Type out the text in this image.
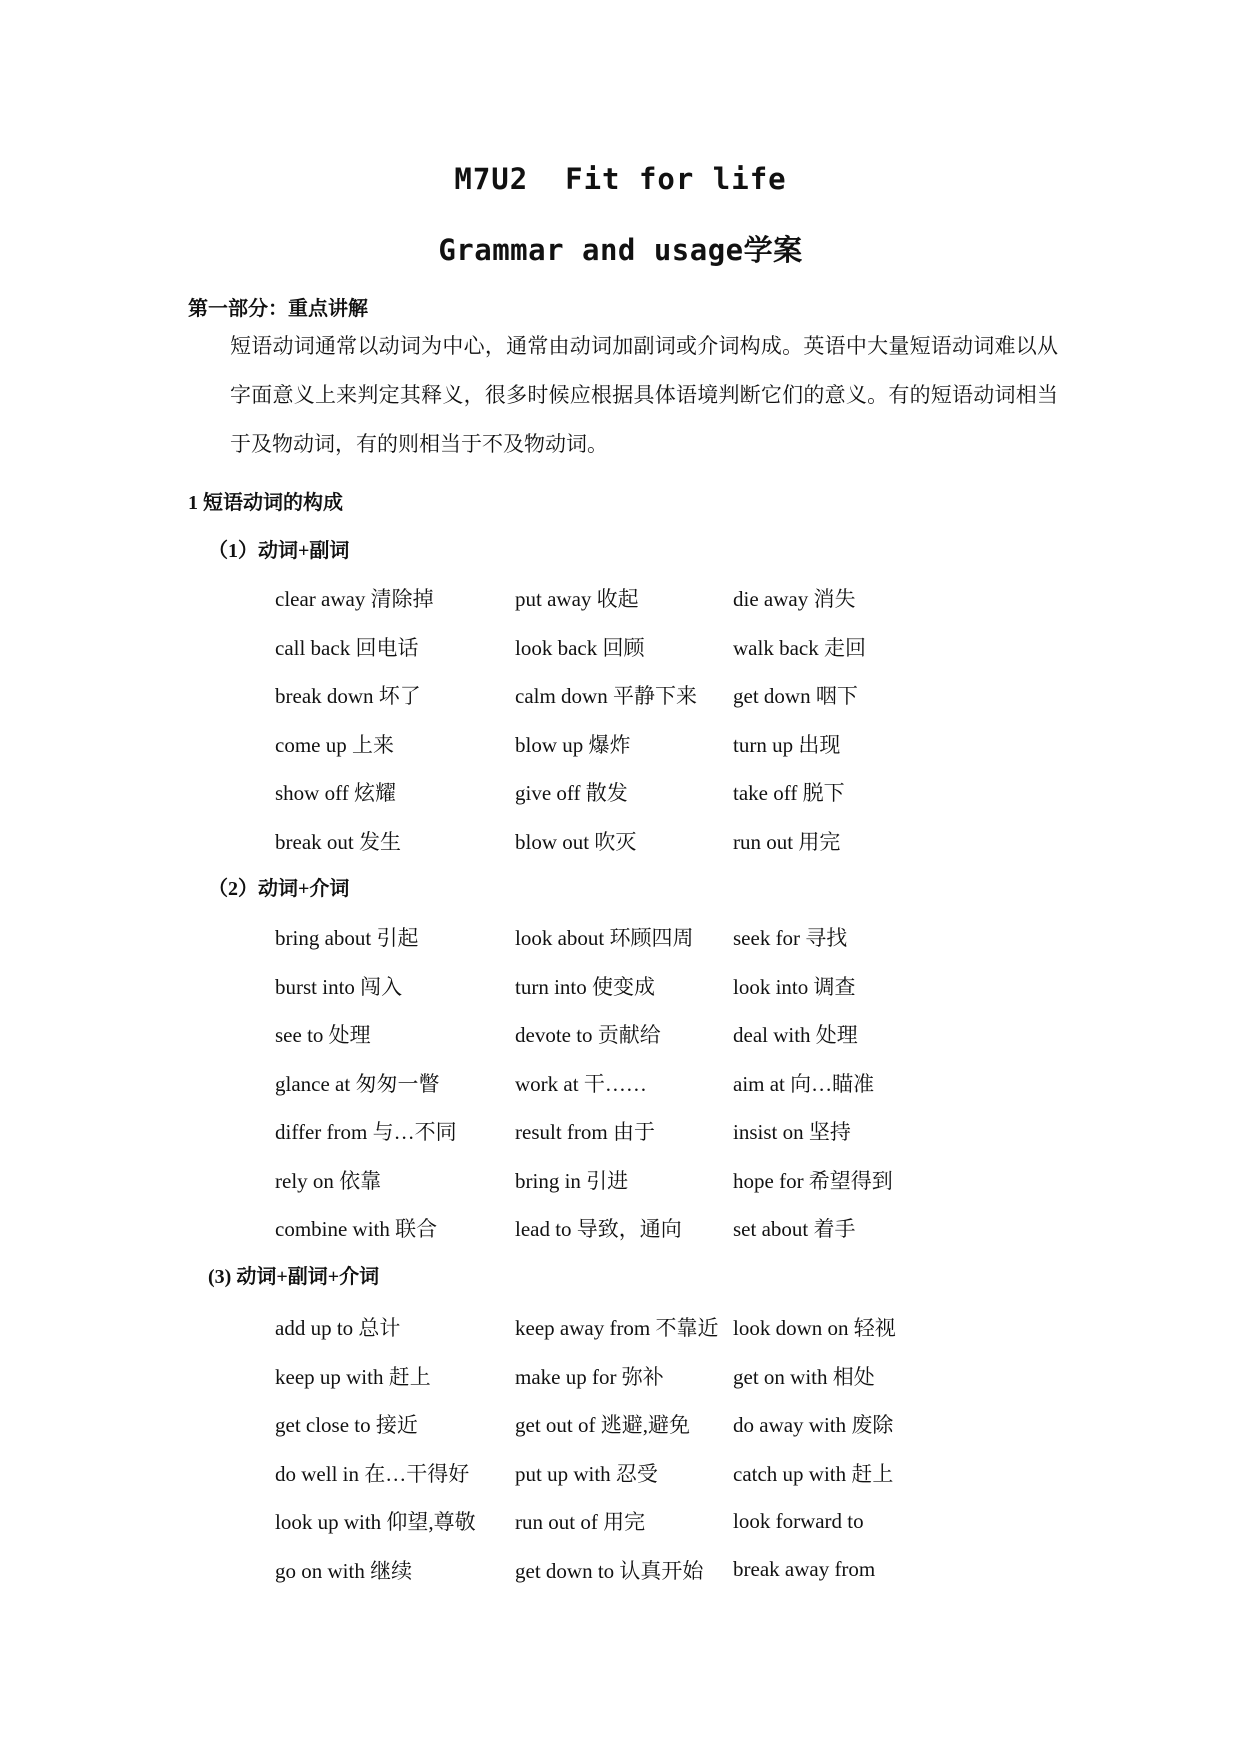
M7U2  Fit for life
Grammar and usage学案
第一部分：重点讲解
短语动词通常以动词为中心，通常由动词加副词或介词构成。英语中大量短语动词难以从字面意义上来判定其释义，很多时候应根据具体语境判断它们的意义。有的短语动词相当于及物动词，有的则相当于不及物动词。
1 短语动词的构成
（1）动词+副词
clear away 清除掉	put away 收起	die away 消失
call back 回电话	look back 回顾	walk back 走回
break down 坏了	calm down 平静下来	get down 咽下
come up 上来	blow up 爆炸	turn up 出现
show off 炫耀	give off 散发	take off 脱下
break out 发生	blow out 吹灭	run out 用完
（2）动词+介词
bring about 引起	look about 环顾四周	seek for 寻找
burst into 闯入	turn into 使变成	look into 调查
see to 处理	devote to 贡献给	deal with 处理
glance at 匆匆一瞥	work at 干……	aim at 向…瞄准
differ from 与…不同	result from 由于	insist on 坚持
rely on 依靠	bring in 引进	hope for 希望得到
combine with 联合	lead to 导致，通向	set about 着手
(3) 动词+副词+介词
add up to 总计	keep away from 不靠近 look down on 轻视
keep up with 赶上	make up for 弥补	get on with 相处
get close to 接近	get out of 逃避,避免	do away with 废除
do well in 在…干得好	put up with 忍受	catch up with 赶上
look up with 仰望,尊敬	run out of 用完	look forward to
go on with 继续	get down to 认真开始	break away from
